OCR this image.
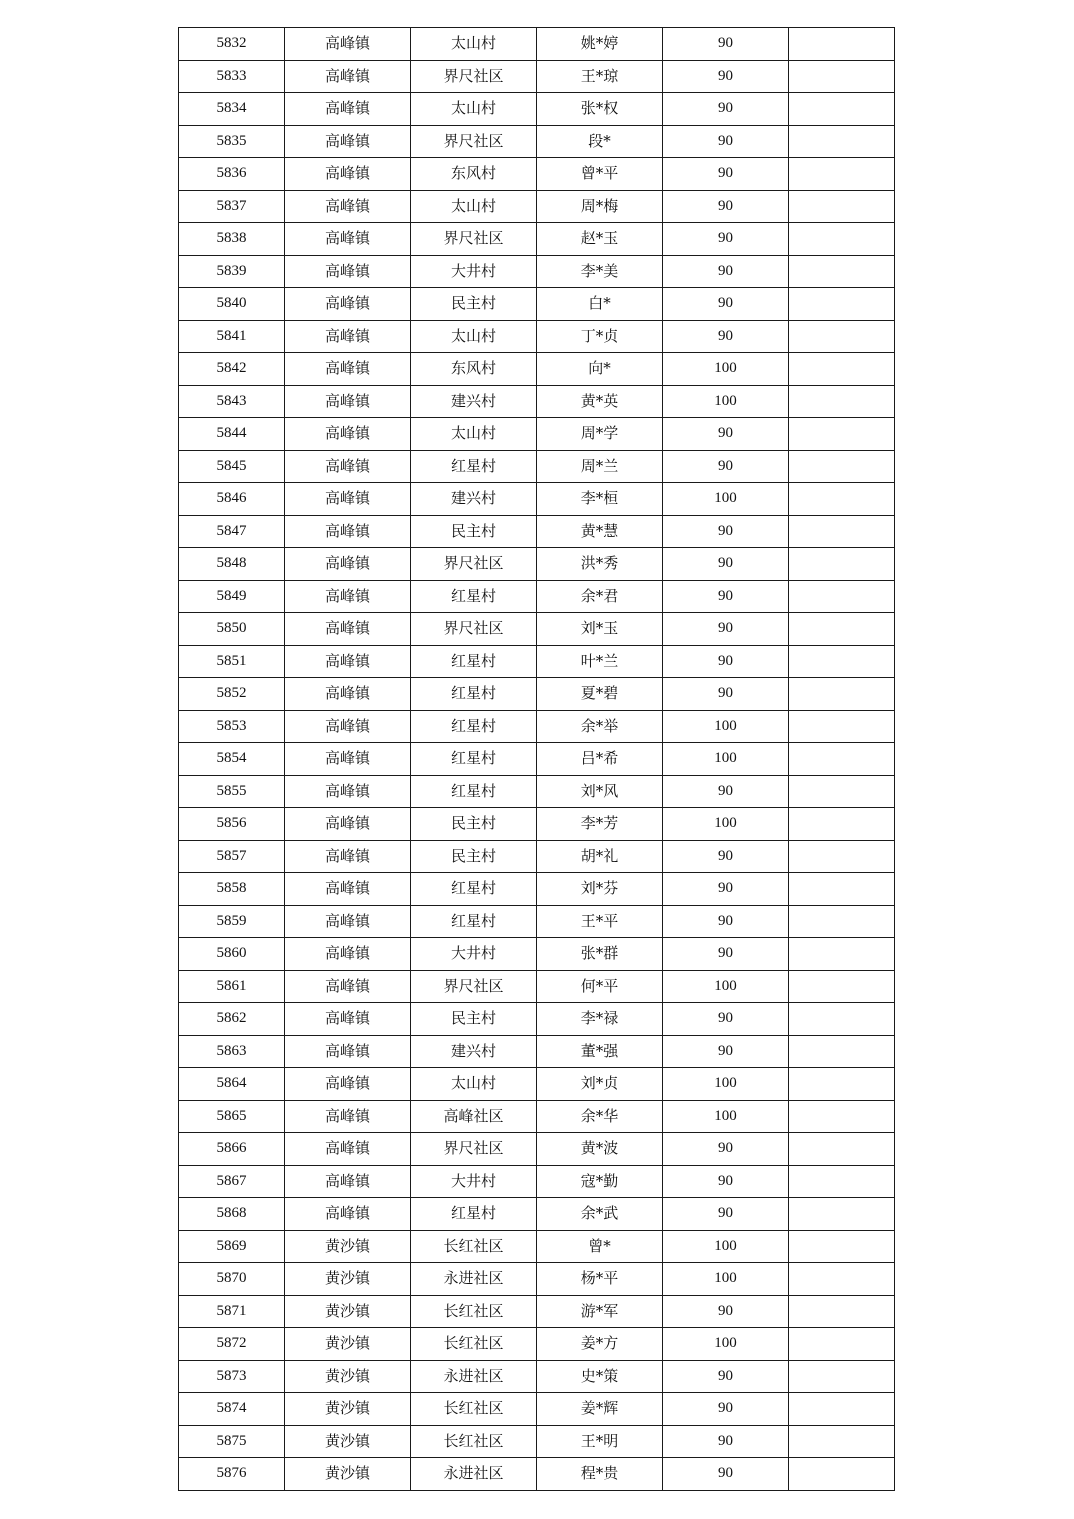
5832	高峰镇	太山村	姚*婷	90	
5833	高峰镇	界尺社区	王*琼	90	
5834	高峰镇	太山村	张*权	90	
5835	高峰镇	界尺社区	段*	90	
5836	高峰镇	东风村	曾*平	90	
5837	高峰镇	太山村	周*梅	90	
5838	高峰镇	界尺社区	赵*玉	90	
5839	高峰镇	大井村	李*美	90	
5840	高峰镇	民主村	白*	90	
5841	高峰镇	太山村	丁*贞	90	
5842	高峰镇	东风村	向*	100	
5843	高峰镇	建兴村	黄*英	100	
5844	高峰镇	太山村	周*学	90	
5845	高峰镇	红星村	周*兰	90	
5846	高峰镇	建兴村	李*桓	100	
5847	高峰镇	民主村	黄*慧	90	
5848	高峰镇	界尺社区	洪*秀	90	
5849	高峰镇	红星村	余*君	90	
5850	高峰镇	界尺社区	刘*玉	90	
5851	高峰镇	红星村	叶*兰	90	
5852	高峰镇	红星村	夏*碧	90	
5853	高峰镇	红星村	余*举	100	
5854	高峰镇	红星村	吕*希	100	
5855	高峰镇	红星村	刘*风	90	
5856	高峰镇	民主村	李*芳	100	
5857	高峰镇	民主村	胡*礼	90	
5858	高峰镇	红星村	刘*芬	90	
5859	高峰镇	红星村	王*平	90	
5860	高峰镇	大井村	张*群	90	
5861	高峰镇	界尺社区	何*平	100	
5862	高峰镇	民主村	李*禄	90	
5863	高峰镇	建兴村	董*强	90	
5864	高峰镇	太山村	刘*贞	100	
5865	高峰镇	高峰社区	余*华	100	
5866	高峰镇	界尺社区	黄*波	90	
5867	高峰镇	大井村	寇*勤	90	
5868	高峰镇	红星村	余*武	90	
5869	黄沙镇	长红社区	曾*	100	
5870	黄沙镇	永进社区	杨*平	100	
5871	黄沙镇	长红社区	游*军	90	
5872	黄沙镇	长红社区	姜*方	100	
5873	黄沙镇	永进社区	史*策	90	
5874	黄沙镇	长红社区	姜*辉	90	
5875	黄沙镇	长红社区	王*明	90	
5876	黄沙镇	永进社区	程*贵	90	
